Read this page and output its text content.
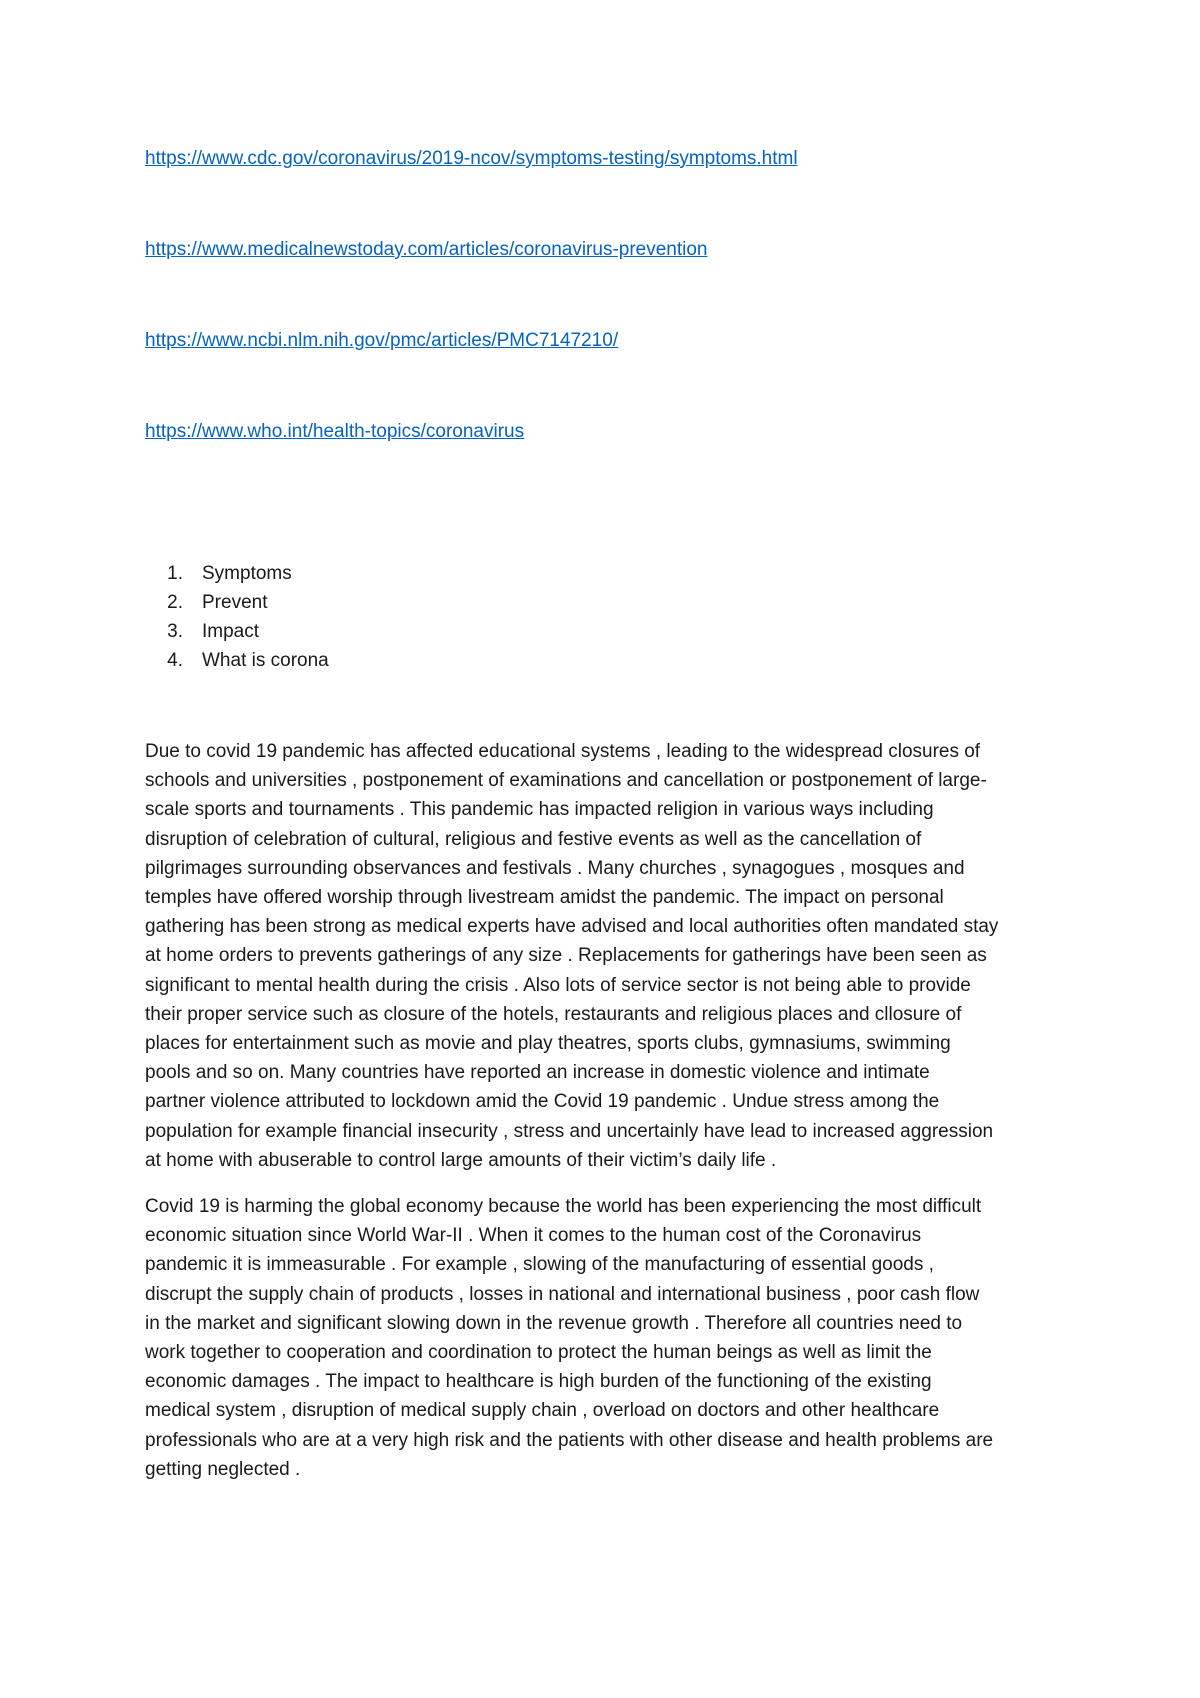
https://www.cdc.gov/coronavirus/2019-ncov/symptoms-testing/symptoms.html
https://www.medicalnewstoday.com/articles/coronavirus-prevention
https://www.ncbi.nlm.nih.gov/pmc/articles/PMC7147210/
https://www.who.int/health-topics/coronavirus
1. Symptoms
2. Prevent
3. Impact
4. What is corona

Due to covid 19 pandemic has affected educational systems , leading to the widespread closures of
schools and universities , postponement of examinations and cancellation or postponement of large-
scale sports and tournaments . This pandemic has impacted religion in various ways including
disruption of celebration of cultural, religious and festive events as well as the cancellation of
pilgrimages surrounding observances and festivals . Many churches , synagogues , mosques and
temples have offered worship through livestream amidst the pandemic. The impact on personal
gathering has been strong as medical experts have advised and local authorities often mandated stay
at home orders to prevents gatherings of any size . Replacements for gatherings have been seen as
significant to mental health during the crisis . Also lots of service sector is not being able to provide
their proper service such as closure of the hotels, restaurants and religious places and cllosure of
places for entertainment such as movie and play theatres, sports clubs, gymnasiums, swimming
pools and so on. Many countries have reported an increase in domestic violence and intimate
partner violence attributed to lockdown amid the Covid 19 pandemic . Undue stress among the
population for example financial insecurity , stress and uncertainly have lead to increased aggression
at home with abuserable to control large amounts of their victim’s daily life .

Covid 19 is harming the global economy because the world has been experiencing the most difficult
economic situation since World War-II . When it comes to the human cost of the Coronavirus
pandemic it is immeasurable . For example , slowing of the manufacturing of essential goods ,
discrupt the supply chain of products , losses in national and international business , poor cash flow
in the market and significant slowing down in the revenue growth . Therefore all countries need to
work together to cooperation and coordination to protect the human beings as well as limit the
economic damages . The impact to healthcare is high burden of the functioning of the existing
medical system , disruption of medical supply chain , overload on doctors and other healthcare
professionals who are at a very high risk and the patients with other disease and health problems are
getting neglected .
